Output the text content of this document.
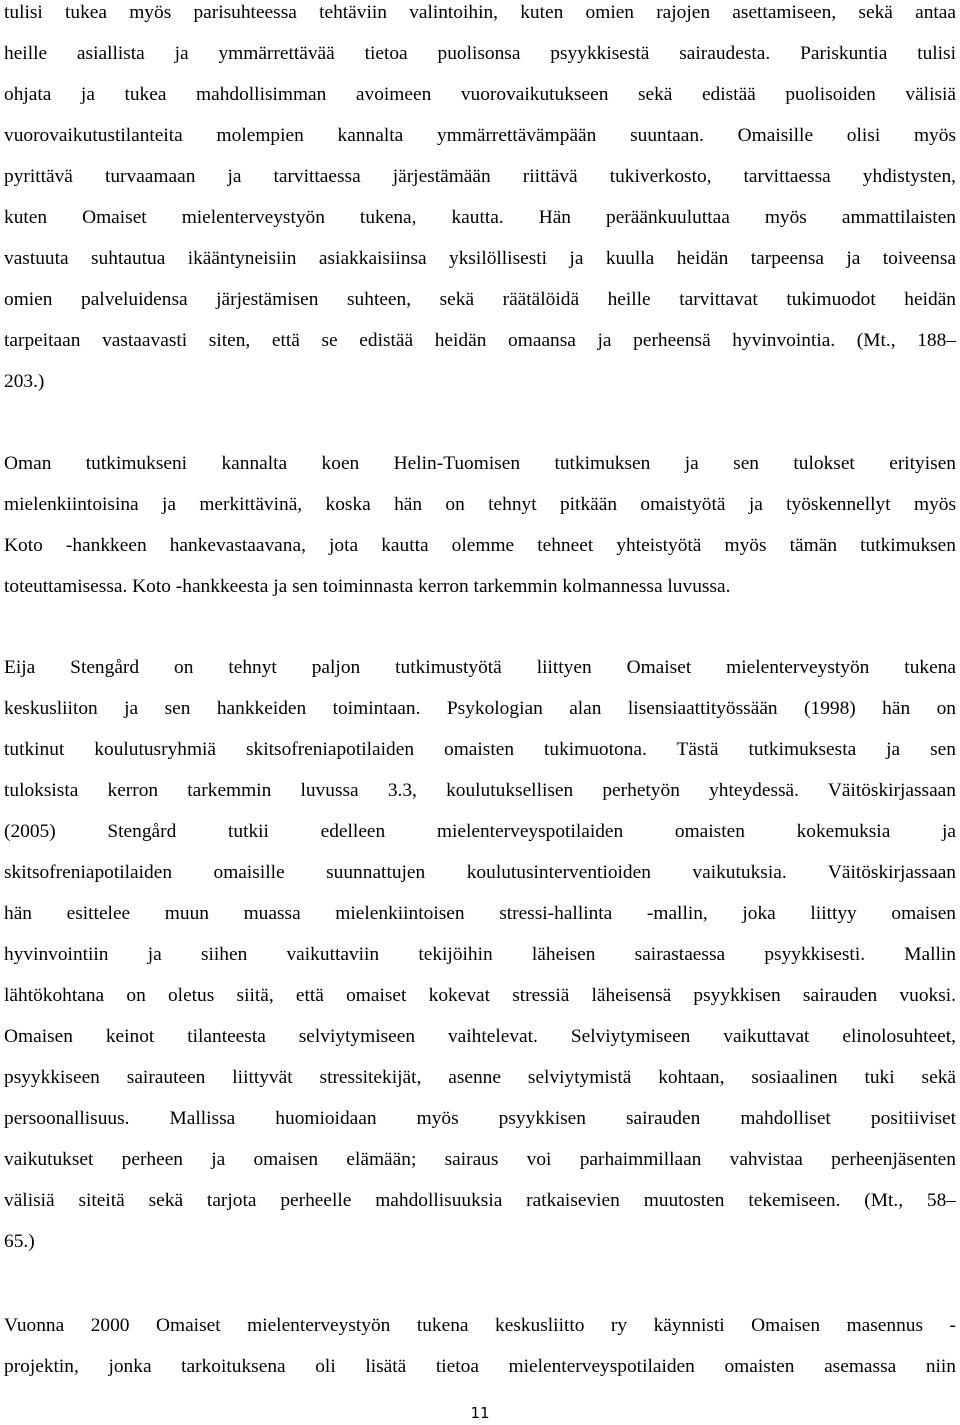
tulisi tukea myös parisuhteessa tehtäviin valintoihin, kuten omien rajojen asettamiseen, sekä antaa
heille asiallista ja ymmärrettävää tietoa puolisonsa psyykkisestä sairaudesta. Pariskuntia tulisi
ohjata ja tukea mahdollisimman avoimeen vuorovaikutukseen sekä edistää puolisoiden välisiä
vuorovaikutustilanteita molempien kannalta ymmärrettävämpään suuntaan. Omaisille olisi myös
pyrittävä turvaamaan ja tarvittaessa järjestämään riittävä tukiverkosto, tarvittaessa yhdistysten,
kuten Omaiset mielenterveystyön tukena, kautta. Hän peräänkuuluttaa myös ammattilaisten
vastuuta suhtautua ikääntyneisiin asiakkaisiinsa yksilöllisesti ja kuulla heidän tarpeensa ja toiveensa
omien palveluidensa järjestämisen suhteen, sekä räätälöidä heille tarvittavat tukimuodot heidän
tarpeitaan vastaavasti siten, että se edistää heidän omaansa ja perheensä hyvinvointia. (Mt., 188–
203.)
Oman tutkimukseni kannalta koen Helin-Tuomisen tutkimuksen ja sen tulokset erityisen
mielenkiintoisina ja merkittävinä, koska hän on tehnyt pitkään omaistyötä ja työskennellyt myös
Koto -hankkeen hankevastaavana, jota kautta olemme tehneet yhteistyötä myös tämän tutkimuksen
toteuttamisessa. Koto -hankkeesta ja sen toiminnasta kerron tarkemmin kolmannessa luvussa.
Eija Stengård on tehnyt paljon tutkimustyötä liittyen Omaiset mielenterveystyön tukena
keskusliiton ja sen hankkeiden toimintaan. Psykologian alan lisensiaattityössään (1998) hän on
tutkinut koulutusryhmiä skitsofreniapotilaiden omaisten tukimuotona. Tästä tutkimuksesta ja sen
tuloksista kerron tarkemmin luvussa 3.3, koulutuksellisen perhetyön yhteydessä. Väitöskirjassaan
(2005) Stengård tutkii edelleen mielenterveyspotilaiden omaisten kokemuksia ja
skitsofreniapotilaiden omaisille suunnattujen koulutusinterventioiden vaikutuksia. Väitöskirjassaan
hän esittelee muun muassa mielenkiintoisen stressi-hallinta -mallin, joka liittyy omaisen
hyvinvointiin ja siihen vaikuttaviin tekijöihin läheisen sairastaessa psyykkisesti. Mallin
lähtökohtana on oletus siitä, että omaiset kokevat stressiä läheisensä psyykkisen sairauden vuoksi.
Omaisen keinot tilanteesta selviytymiseen vaihtelevat. Selviytymiseen vaikuttavat elinolosuhteet,
psyykkiseen sairauteen liittyvät stressitekijät, asenne selviytymistä kohtaan, sosiaalinen tuki sekä
persoonallisuus. Mallissa huomioidaan myös psyykkisen sairauden mahdolliset positiiviset
vaikutukset perheen ja omaisen elämään; sairaus voi parhaimmillaan vahvistaa perheenjäsenten
välisiä siteitä sekä tarjota perheelle mahdollisuuksia ratkaisevien muutosten tekemiseen. (Mt., 58–
65.)
Vuonna 2000 Omaiset mielenterveystyön tukena keskusliitto ry käynnisti Omaisen masennus -
projektin, jonka tarkoituksena oli lisätä tietoa mielenterveyspotilaiden omaisten asemassa niin
11
